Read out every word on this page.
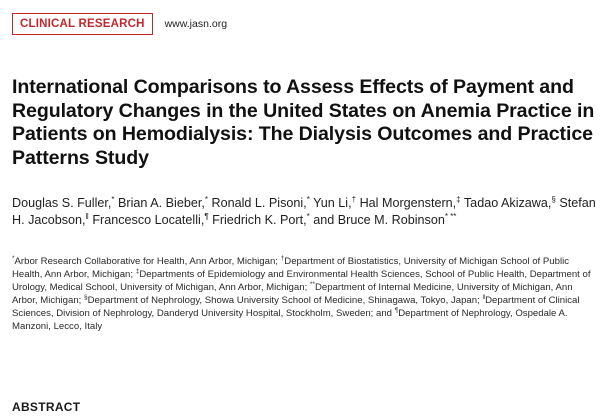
CLINICAL RESEARCH	www.jasn.org
International Comparisons to Assess Effects of Payment and Regulatory Changes in the United States on Anemia Practice in Patients on Hemodialysis: The Dialysis Outcomes and Practice Patterns Study

Douglas S. Fuller,* Brian A. Bieber,* Ronald L. Pisoni,* Yun Li,† Hal Morgenstern,‡ Tadao Akizawa,§ Stefan H. Jacobson,‖ Francesco Locatelli,¶ Friedrich K. Port,* and Bruce M. Robinson* **

*Arbor Research Collaborative for Health, Ann Arbor, Michigan; †Department of Biostatistics, University of Michigan School of Public Health, Ann Arbor, Michigan; ‡Departments of Epidemiology and Environmental Health Sciences, School of Public Health, Department of Urology, Medical School, University of Michigan, Ann Arbor, Michigan; **Department of Internal Medicine, University of Michigan, Ann Arbor, Michigan; §Department of Nephrology, Showa University School of Medicine, Shinagawa, Tokyo, Japan; ‖Department of Clinical Sciences, Division of Nephrology, Danderyd University Hospital, Stockholm, Sweden; and ¶Department of Nephrology, Ospedale A. Manzoni, Lecco, Italy

ABSTRACT
